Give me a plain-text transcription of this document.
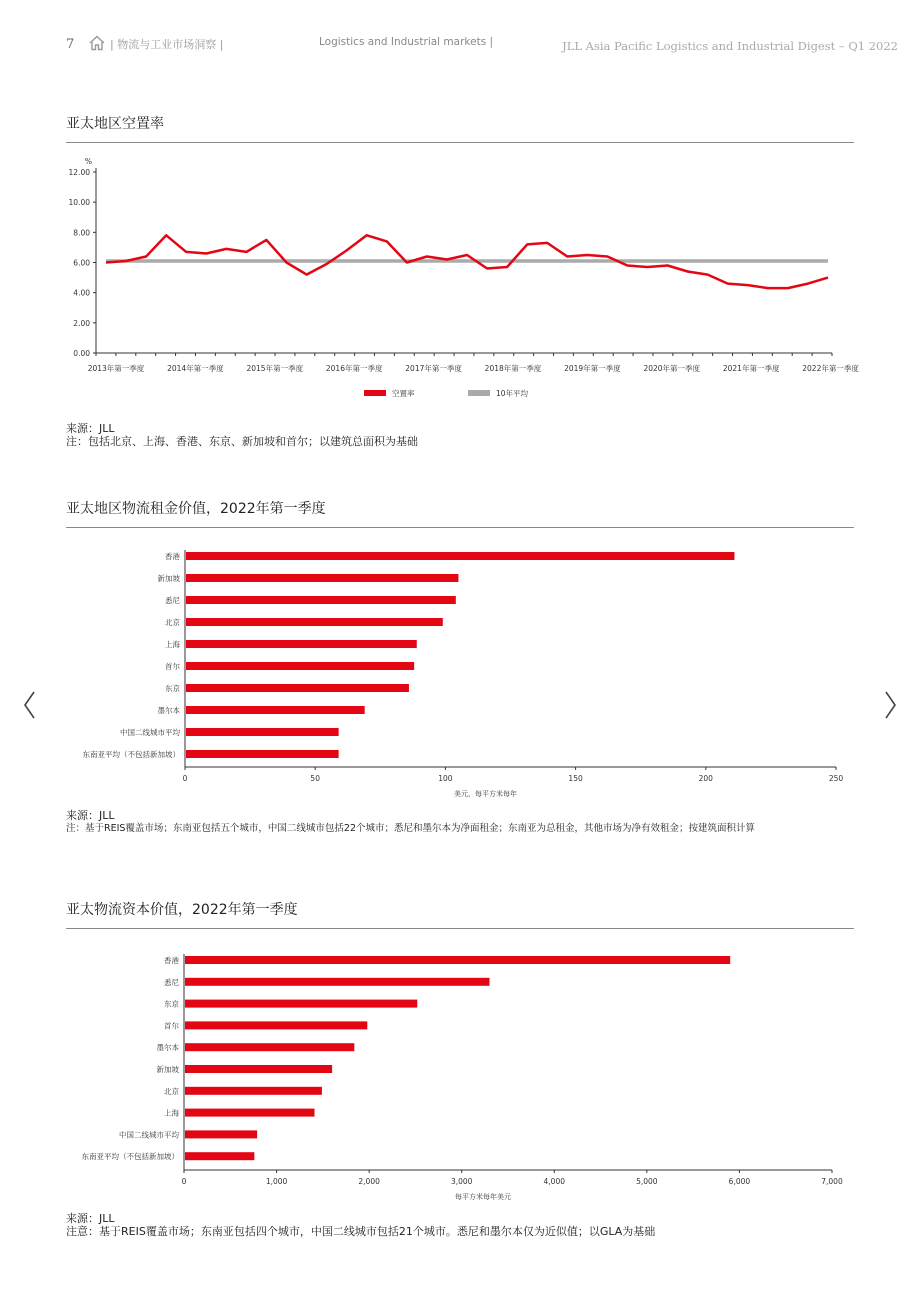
7	| 物流与工业市场洞察 |	Logistics and Industrial markets |	JLL Asia Pacific Logistics and Industrial Digest – Q1 2022
亚太地区空置率
%
0.00
2.00
4.00
6.00
8.00
10.00
12.00
2013年第一季度	2014年第一季度	2015年第一季度	2016年第一季度	2017年第一季度	2018年第一季度	2019年第一季度	2020年第一季度	2021年第一季度	2022年第一季度
空置率	10年平均
来源：JLL
注：包括北京、上海、香港、东京、新加坡和首尔；以建筑总面积为基础
亚太地区物流租金价值，2022年第一季度
香港
新加坡
悉尼
北京
上海
首尔
东京
墨尔本
中国二线城市平均
东南亚平均（不包括新加坡）
0	50	100	150	200	250
美元，每平方米每年
来源：JLL
注：基于REIS覆盖市场；东南亚包括五个城市，中国二线城市包括22个城市；悉尼和墨尔本为净面租金；东南亚为总租金，其他市场为净有效租金；按建筑面积计算
亚太物流资本价值，2022年第一季度
香港
悉尼
东京
首尔
墨尔本
新加坡
北京
上海
中国二线城市平均
东南亚平均（不包括新加坡）
0	1,000	2,000	3,000	4,000	5,000	6,000	7,000
每平方米每年美元
来源：JLL
注意：基于REIS覆盖市场；东南亚包括四个城市，中国二线城市包括21个城市。悉尼和墨尔本仅为近似值；以GLA为基础
